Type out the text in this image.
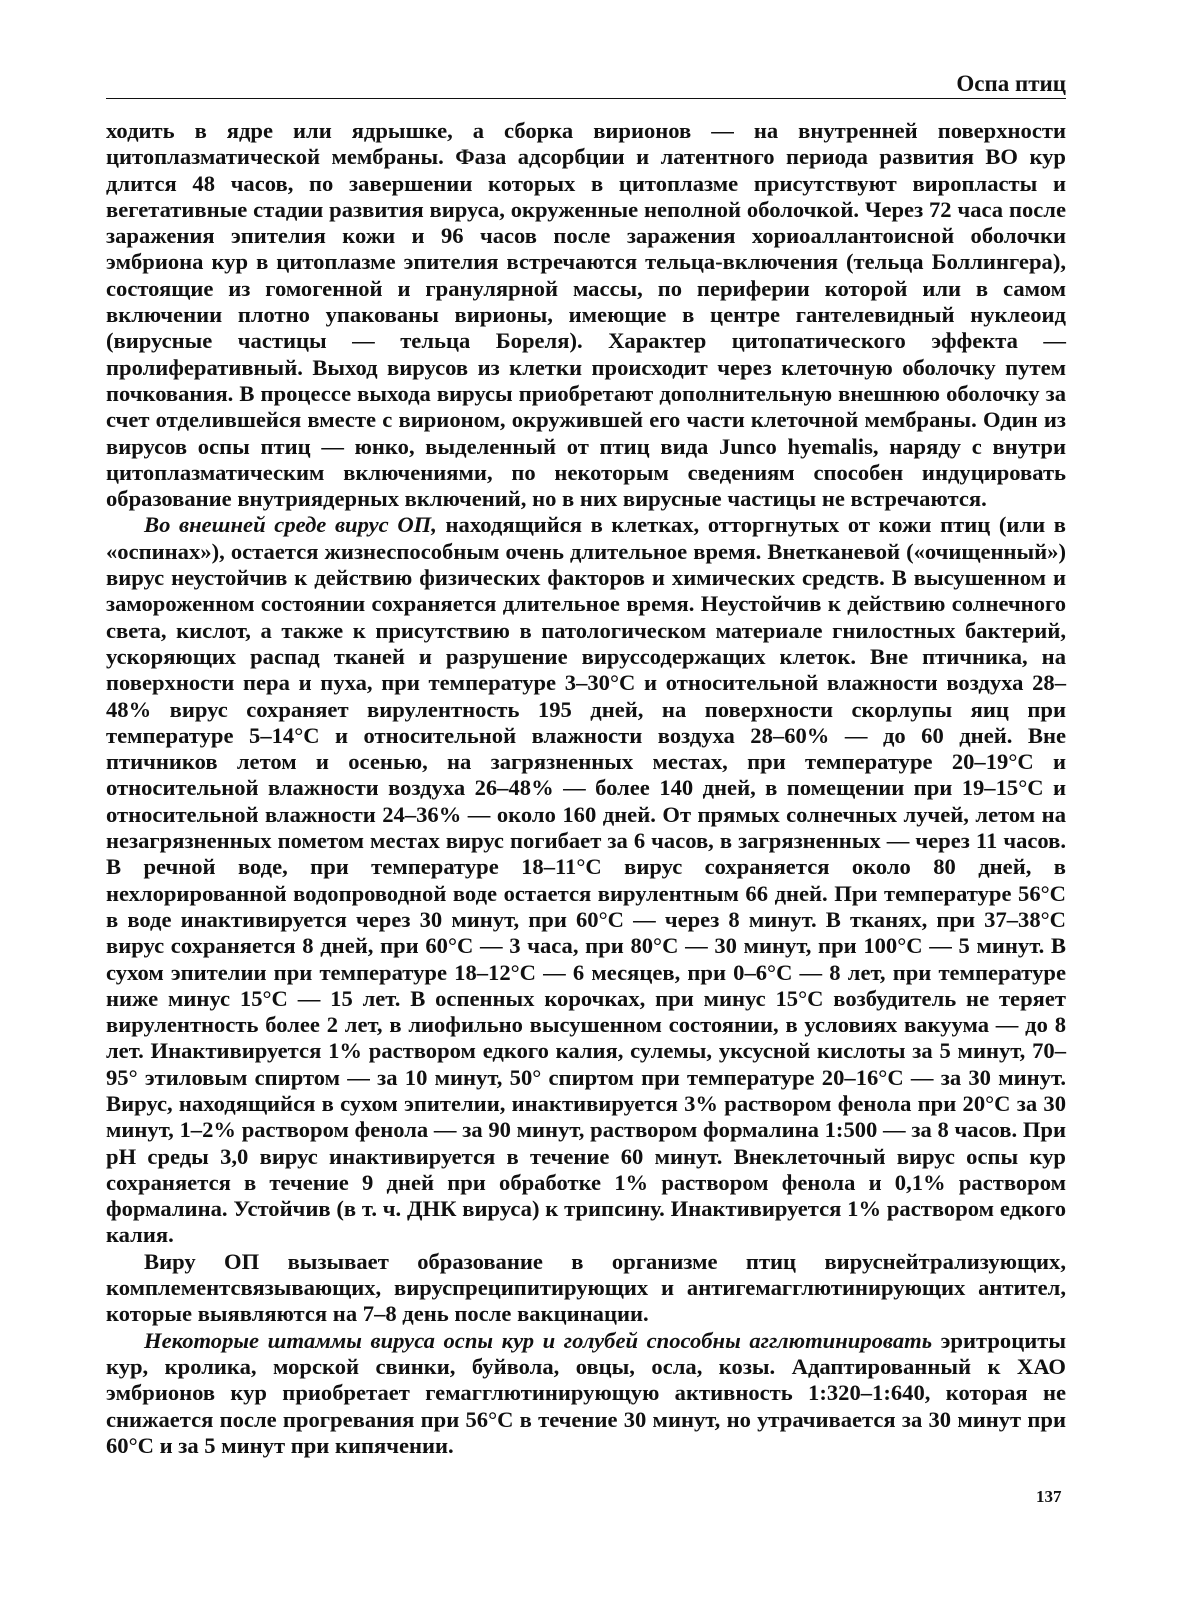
Оспа птиц

ходить в ядре или ядрышке, а сборка вирионов — на внутренней поверхности цитоплазматической мембраны. Фаза адсорбции и латентного периода развития ВО кур длится 48 часов, по завершении которых в цитоплазме присутствуют виропласты и вегетативные стадии развития вируса, окруженные неполной оболочкой. Через 72 часа после заражения эпителия кожи и 96 часов после заражения хориоаллантоисной оболочки эмбриона кур в цитоплазме эпителия встречаются тельца-включения (тельца Боллингера), состоящие из гомогенной и гранулярной массы, по периферии которой или в самом включении плотно упакованы вирионы, имеющие в центре гантелевидный нуклеоид (вирусные частицы — тельца Бореля). Характер цитопатического эффекта — пролиферативный. Выход вирусов из клетки происходит через клеточную оболочку путем почкования. В процессе выхода вирусы приобретают дополнительную внешнюю оболочку за счет отделившейся вместе с вирионом, окружившей его части клеточной мембраны. Один из вирусов оспы птиц — юнко, выделенный от птиц вида Junco hyemalis, наряду с внутри цитоплазматическим включениями, по некоторым сведениям способен индуцировать образование внутриядерных включений, но в них вирусные частицы не встречаются.

Во внешней среде вирус ОП, находящийся в клетках, отторгнутых от кожи птиц (или в «оспинах»), остается жизнеспособным очень длительное время. Внетканевой («очищенный») вирус неустойчив к действию физических факторов и химических средств. В высушенном и замороженном состоянии сохраняется длительное время. Неустойчив к действию солнечного света, кислот, а также к присутствию в патологическом материале гнилостных бактерий, ускоряющих распад тканей и разрушение вируссодержащих клеток. Вне птичника, на поверхности пера и пуха, при температуре 3–30°С и относительной влажности воздуха 28–48% вирус сохраняет вирулентность 195 дней, на поверхности скорлупы яиц при температуре 5–14°С и относительной влажности воздуха 28–60% — до 60 дней. Вне птичников летом и осенью, на загрязненных местах, при температуре 20–19°С и относительной влажности воздуха 26–48% — более 140 дней, в помещении при 19–15°С и относительной влажности 24–36% — около 160 дней. От прямых солнечных лучей, летом на незагрязненных пометом местах вирус погибает за 6 часов, в загрязненных — через 11 часов. В речной воде, при температуре 18–11°С вирус сохраняется около 80 дней, в нехлорированной водопроводной воде остается вирулентным 66 дней. При температуре 56°С в воде инактивируется через 30 минут, при 60°С — через 8 минут. В тканях, при 37–38°С вирус сохраняется 8 дней, при 60°С — 3 часа, при 80°С — 30 минут, при 100°С — 5 минут. В сухом эпителии при температуре 18–12°С — 6 месяцев, при 0–6°С — 8 лет, при температуре ниже минус 15°С — 15 лет. В оспенных корочках, при минус 15°С возбудитель не теряет вирулентность более 2 лет, в лиофильно высушенном состоянии, в условиях вакуума — до 8 лет. Инактивируется 1% раствором едкого калия, сулемы, уксусной кислоты за 5 минут, 70–95° этиловым спиртом — за 10 минут, 50° спиртом при температуре 20–16°С — за 30 минут. Вирус, находящийся в сухом эпителии, инактивируется 3% раствором фенола при 20°С за 30 минут, 1–2% раствором фенола — за 90 минут, раствором формалина 1:500 — за 8 часов. При pH среды 3,0 вирус инактивируется в течение 60 минут. Внеклеточный вирус оспы кур сохраняется в течение 9 дней при обработке 1% раствором фенола и 0,1% раствором формалина. Устойчив (в т. ч. ДНК вируса) к трипсину. Инактивируется 1% раствором едкого калия.

Виру ОП вызывает образование в организме птиц вируснейтрализующих, комплементсвязывающих, вируспреципитирующих и антигемагглютинирующих антител, которые выявляются на 7–8 день после вакцинации.

Некоторые штаммы вируса оспы кур и голубей способны агглютинировать эритроциты кур, кролика, морской свинки, буйвола, овцы, осла, козы. Адаптированный к ХАО эмбрионов кур приобретает гемагглютинирующую активность 1:320–1:640, которая не снижается после прогревания при 56°С в течение 30 минут, но утрачивается за 30 минут при 60°С и за 5 минут при кипячении.

137
